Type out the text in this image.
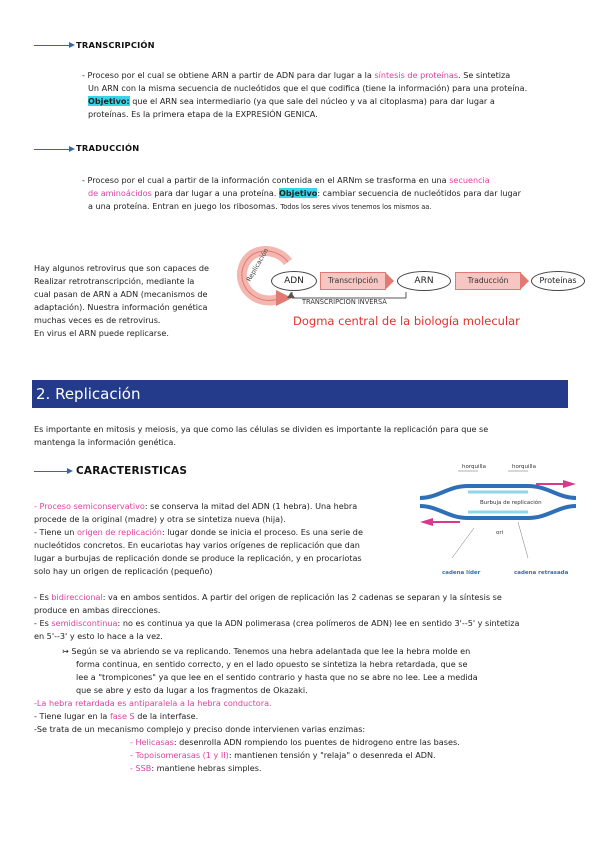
TRANSCRIPCIÓN
- Proceso por el cual se obtiene ARN a partir de ADN para dar lugar a la síntesis de proteínas. Se sintetiza
Un ARN con la misma secuencia de nucleótidos que el que codifica (tiene la información) para una proteína.
Objetivo: que el ARN sea intermediario (ya que sale del núcleo y va al citoplasma) para dar lugar a
proteínas. Es la primera etapa de la EXPRESIÓN GENICA.
TRADUCCIÓN
- Proceso por el cual a partir de la información contenida en el ARNm se trasforma en una secuencia
de aminoácidos para dar lugar a una proteína. Objetivo: cambiar secuencia de nucleótidos para dar lugar
a una proteína. Entran en juego los ribosomas. Todos los seres vivos tenemos los mismos aa.
Hay algunos retrovirus que son capaces de
Realizar retrotranscripción, mediante la
cual pasan de ARN a ADN (mecanismos de
adaptación). Nuestra información genética
muchas veces es de retrovirus.
En virus el ARN puede replicarse.
Replicación	ADN	Transcripción	ARN	Traducción	Proteínas
TRANSCRIPCION INVERSA
Dogma central de la biología molecular
2. Replicación
Es importante en mitosis y meiosis, ya que como las células se dividen es importante la replicación para que se
mantenga la información genética.
CARACTERISTICAS	horquilla	horquilla
Burbuja de replicación
ori
cadena líder	cadena retrasada
- Proceso semiconservativo: se conserva la mitad del ADN (1 hebra). Una hebra
procede de la original (madre) y otra se sintetiza nueva (hija).
- Tiene un origen de replicación: lugar donde se inicia el proceso. Es una serie de
nucleótidos concretos. En eucariotas hay varios orígenes de replicación que dan
lugar a burbujas de replicación donde se produce la replicación, y en procariotas
solo hay un origen de replicación (pequeño)
- Es bidireccional: va en ambos sentidos. A partir del origen de replicación las 2 cadenas se separan y la síntesis se
produce en ambas direcciones.
- Es semidiscontinua: no es continua ya que la ADN polimerasa (crea polímeros de ADN) lee en sentido 3'--5' y sintetiza
en 5'--3' y esto lo hace a la vez.
↣ Según se va abriendo se va replicando. Tenemos una hebra adelantada que lee la hebra molde en
forma continua, en sentido correcto, y en el lado opuesto se sintetiza la hebra retardada, que se
lee a "trompicones" ya que lee en el sentido contrario y hasta que no se abre no lee. Lee a medida
que se abre y esto da lugar a los fragmentos de Okazaki.
-La hebra retardada es antiparalela a la hebra conductora.
- Tiene lugar en la fase S de la interfase.
-Se trata de un mecanismo complejo y preciso donde intervienen varias enzimas:
- Helicasas: desenrolla ADN rompiendo los puentes de hidrogeno entre las bases.
- Topoisomerasas (1 y II): mantienen tensión y "relaja" o desenreda el ADN.
- SSB: mantiene hebras simples.
